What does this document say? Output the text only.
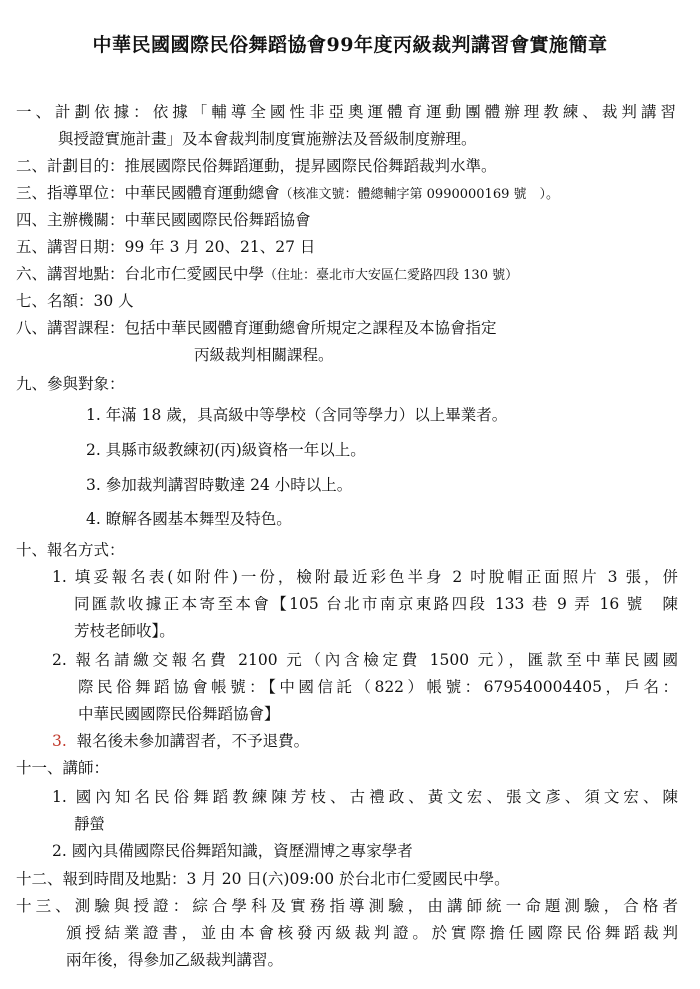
中華民國國際民俗舞蹈協會99年度丙級裁判講習會實施簡章
一、計劃依據：依據「輔導全國性非亞奧運體育運動團體辦理教練、裁判講習
與授證實施計畫」及本會裁判制度實施辦法及晉級制度辦理。
二、計劃目的：推展國際民俗舞蹈運動，提昇國際民俗舞蹈裁判水準。
三、指導單位：中華民國體育運動總會（核准文號：體總輔字第 0990000169 號　）。
四、主辦機關：中華民國國際民俗舞蹈協會
五、講習日期：99 年 3 月 20、21、27 日
六、講習地點：台北市仁愛國民中學（住址：臺北市大安區仁愛路四段 130 號）
七、名額：30 人
八、講習課程：包括中華民國體育運動總會所規定之課程及本協會指定
丙級裁判相關課程。
九、參與對象：
1. 年滿 18 歲，具高級中等學校（含同等學力）以上畢業者。
2. 具縣市級教練初(丙)級資格一年以上。
3. 參加裁判講習時數達 24 小時以上。
4. 瞭解各國基本舞型及特色。
十、報名方式：
1. 填妥報名表(如附件)一份，檢附最近彩色半身 2 吋脫帽正面照片 3 張，併
同匯款收據正本寄至本會【105 台北市南京東路四段 133 巷 9 弄 16 號　陳
芳枝老師收】。
2. 報名請繳交報名費 2100 元（內含檢定費 1500 元），匯款至中華民國國
際民俗舞蹈協會帳號：【中國信託（822）帳號：679540004405，戶名：
中華民國國際民俗舞蹈協會】
3. 報名後未參加講習者，不予退費。
十一、講師：
1. 國內知名民俗舞蹈教練陳芳枝、古禮政、黃文宏、張文彥、須文宏、陳
靜螢
2. 國內具備國際民俗舞蹈知識，資歷淵博之專家學者
十二、報到時間及地點：3 月 20 日(六)09:00 於台北市仁愛國民中學。
十三、測驗與授證：綜合學科及實務指導測驗，由講師統一命題測驗，合格者
頒授結業證書，並由本會核發丙級裁判證。於實際擔任國際民俗舞蹈裁判
兩年後，得參加乙級裁判講習。
